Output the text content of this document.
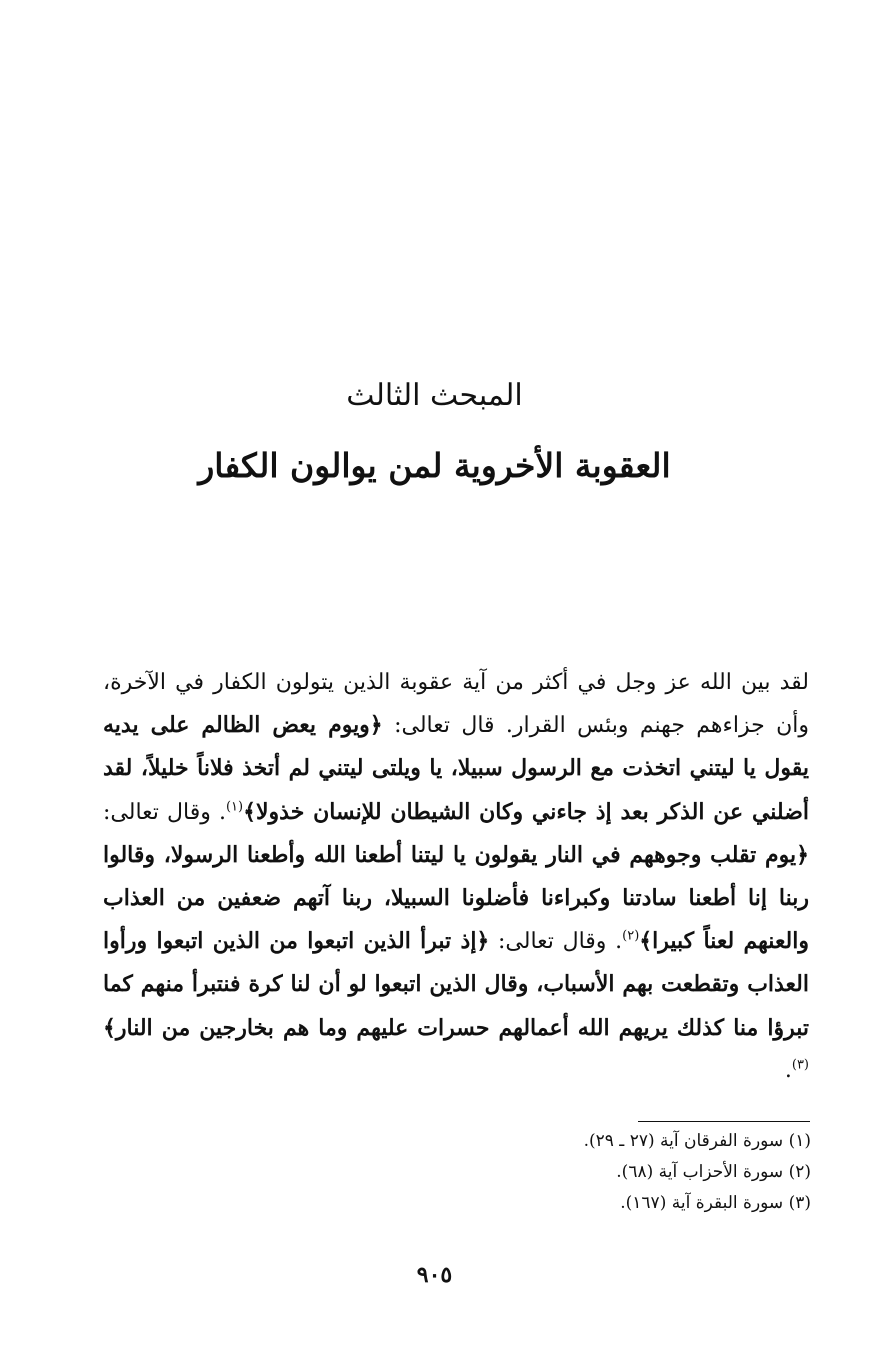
المبحث الثالث
العقوبة الأخروية لمن يوالون الكفار
لقد بين الله عز وجل في أكثر من آية عقوبة الذين يتولون الكفار في الآخرة، وأن جزاءهم جهنم وبئس القرار. قال تعالى: ﴿ويوم يعض الظالم على يديه يقول يا ليتني اتخذت مع الرسول سبيلا، يا ويلتى ليتني لم أتخذ فلاناً خليلاً، لقد أضلني عن الذكر بعد إذ جاءني وكان الشيطان للإنسان خذولا﴾$^{(١)}$. وقال تعالى: ﴿يوم تقلب وجوههم في النار يقولون يا ليتنا أطعنا الله وأطعنا الرسولا، وقالوا ربنا إنا أطعنا سادتنا وكبراءنا فأضلونا السبيلا، ربنا آتهم ضعفين من العذاب والعنهم لعناً كبيرا﴾$^{(٢)}$. وقال تعالى: ﴿إذ تبرأ الذين اتبعوا من الذين اتبعوا ورأوا العذاب وتقطعت بهم الأسباب، وقال الذين اتبعوا لو أن لنا كرة فنتبرأ منهم كما تبرؤا منا كذلك يريهم الله أعمالهم حسرات عليهم وما هم بخارجين من النار﴾$^{(٣)}$.
(١) سورة الفرقان آية (٢٧ ـ ٢٩).
(٢) سورة الأحزاب آية (٦٨).
(٣) سورة البقرة آية (١٦٧).
٩٠٥
